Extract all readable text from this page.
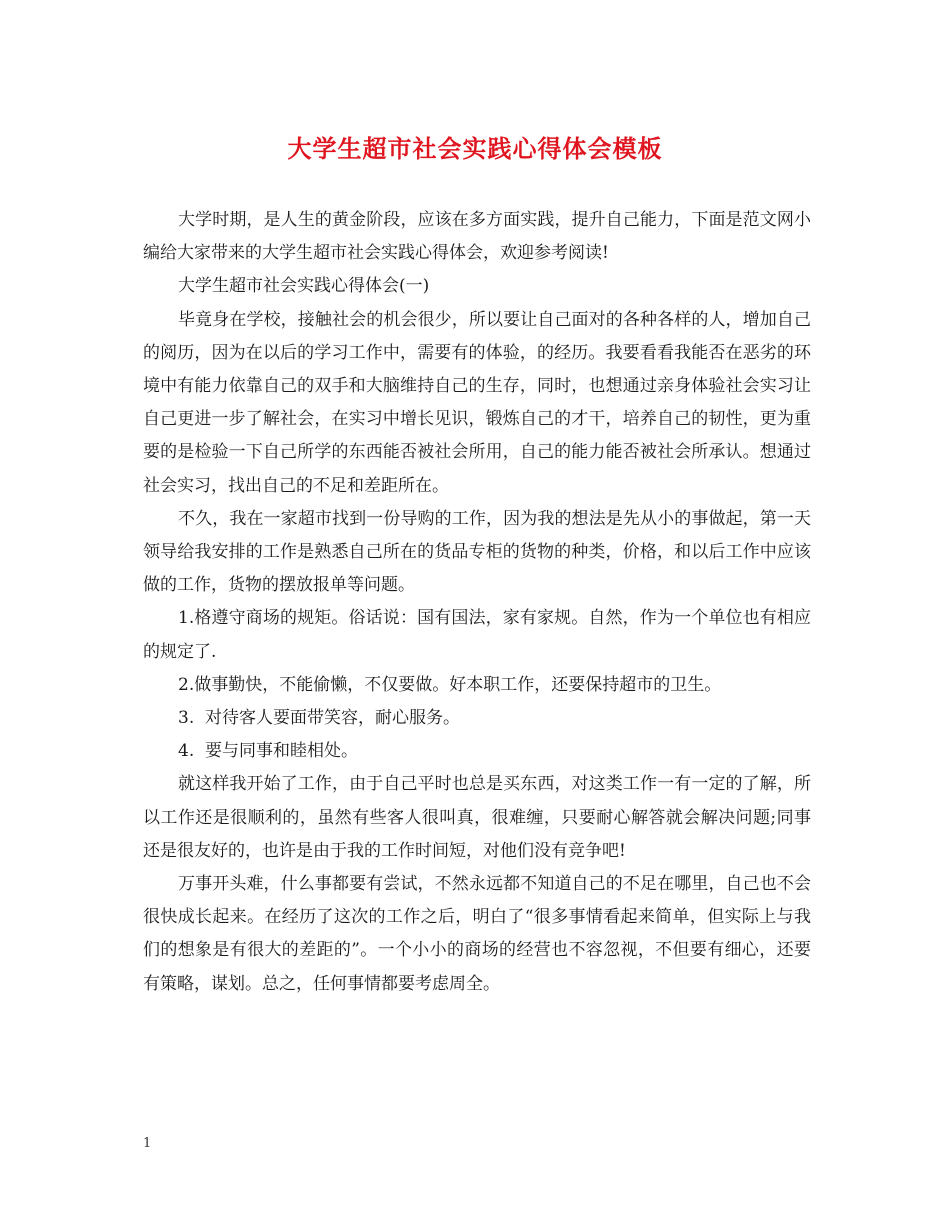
大学生超市社会实践心得体会模板

大学时期，是人生的黄金阶段，应该在多方面实践，提升自己能力，下面是范文网小编给大家带来的大学生超市社会实践心得体会，欢迎参考阅读!

大学生超市社会实践心得体会(一)

毕竟身在学校，接触社会的机会很少，所以要让自己面对的各种各样的人，增加自己的阅历，因为在以后的学习工作中，需要有的体验，的经历。我要看看我能否在恶劣的环境中有能力依靠自己的双手和大脑维持自己的生存，同时，也想通过亲身体验社会实习让自己更进一步了解社会，在实习中增长见识，锻炼自己的才干，培养自己的韧性，更为重要的是检验一下自己所学的东西能否被社会所用，自己的能力能否被社会所承认。想通过社会实习，找出自己的不足和差距所在。

不久，我在一家超市找到一份导购的工作，因为我的想法是先从小的事做起，第一天领导给我安排的工作是熟悉自己所在的货品专柜的货物的种类，价格，和以后工作中应该做的工作，货物的摆放报单等问题。

1.格遵守商场的规矩。俗话说：国有国法，家有家规。自然，作为一个单位也有相应的规定了.

2.做事勤快，不能偷懒，不仅要做。好本职工作，还要保持超市的卫生。

3.  对待客人要面带笑容，耐心服务。

4.  要与同事和睦相处。

就这样我开始了工作，由于自己平时也总是买东西，对这类工作一有一定的了解，所以工作还是很顺利的，虽然有些客人很叫真，很难缠，只要耐心解答就会解决问题;同事还是很友好的，也许是由于我的工作时间短，对他们没有竞争吧!

万事开头难，什么事都要有尝试，不然永远都不知道自己的不足在哪里，自己也不会很快成长起来。在经历了这次的工作之后，明白了“很多事情看起来简单，但实际上与我们的想象是有很大的差距的”。一个小小的商场的经营也不容忽视，不但要有细心，还要有策略，谋划。总之，任何事情都要考虑周全。

1
